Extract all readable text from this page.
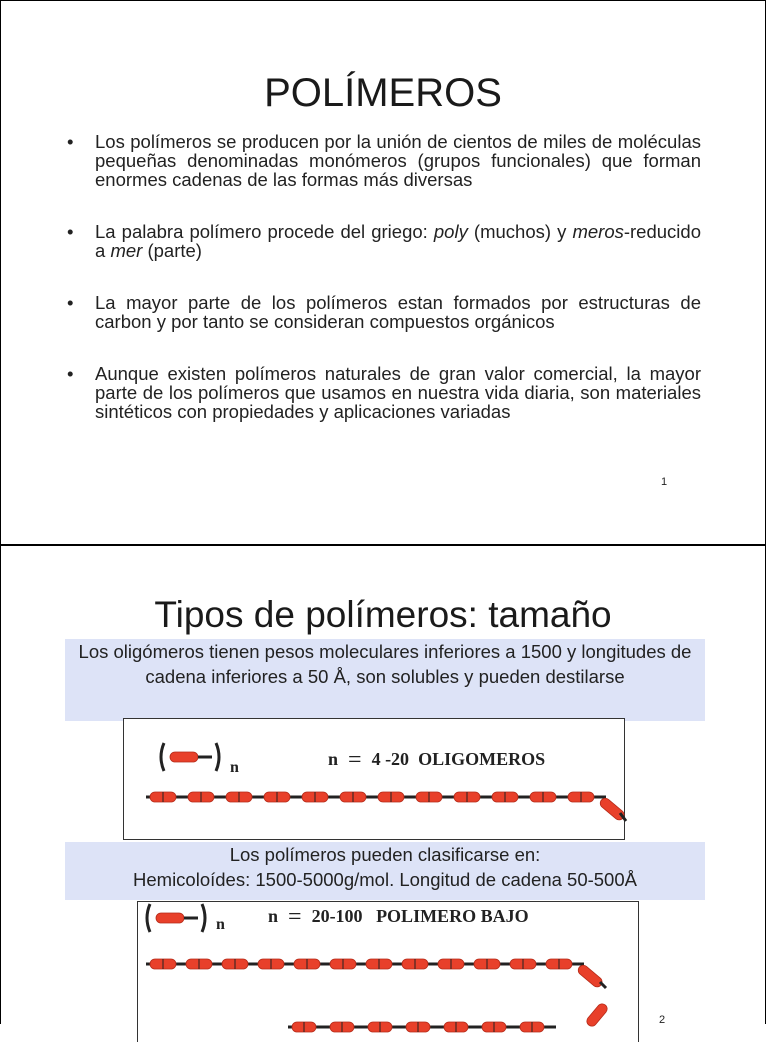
POLÍMEROS
• Los polímeros se producen por la unión de cientos de miles de moléculas pequeñas denominadas monómeros (grupos funcionales) que forman enormes cadenas de las formas más diversas
• La palabra polímero procede del griego: poly (muchos) y meros-reducido a mer (parte)
• La mayor parte de los polímeros estan formados por estructuras de carbon y por tanto se consideran compuestos orgánicos
• Aunque existen polímeros naturales de gran valor comercial, la mayor parte de los polímeros que usamos en nuestra vida diaria, son materiales sintéticos con propiedades y aplicaciones variadas
1
Tipos de polímeros: tamaño
Los oligómeros tienen pesos moleculares inferiores a 1500 y longitudes de cadena inferiores a 50 Å, son solubles y pueden destilarse
n = 4 -20 OLIGOMEROS
n
Los polímeros pueden clasificarse en:
Hemicoloídes: 1500-5000g/mol. Longitud de cadena 50-500Å
n = 20-100 POLIMERO BAJO
n
2
